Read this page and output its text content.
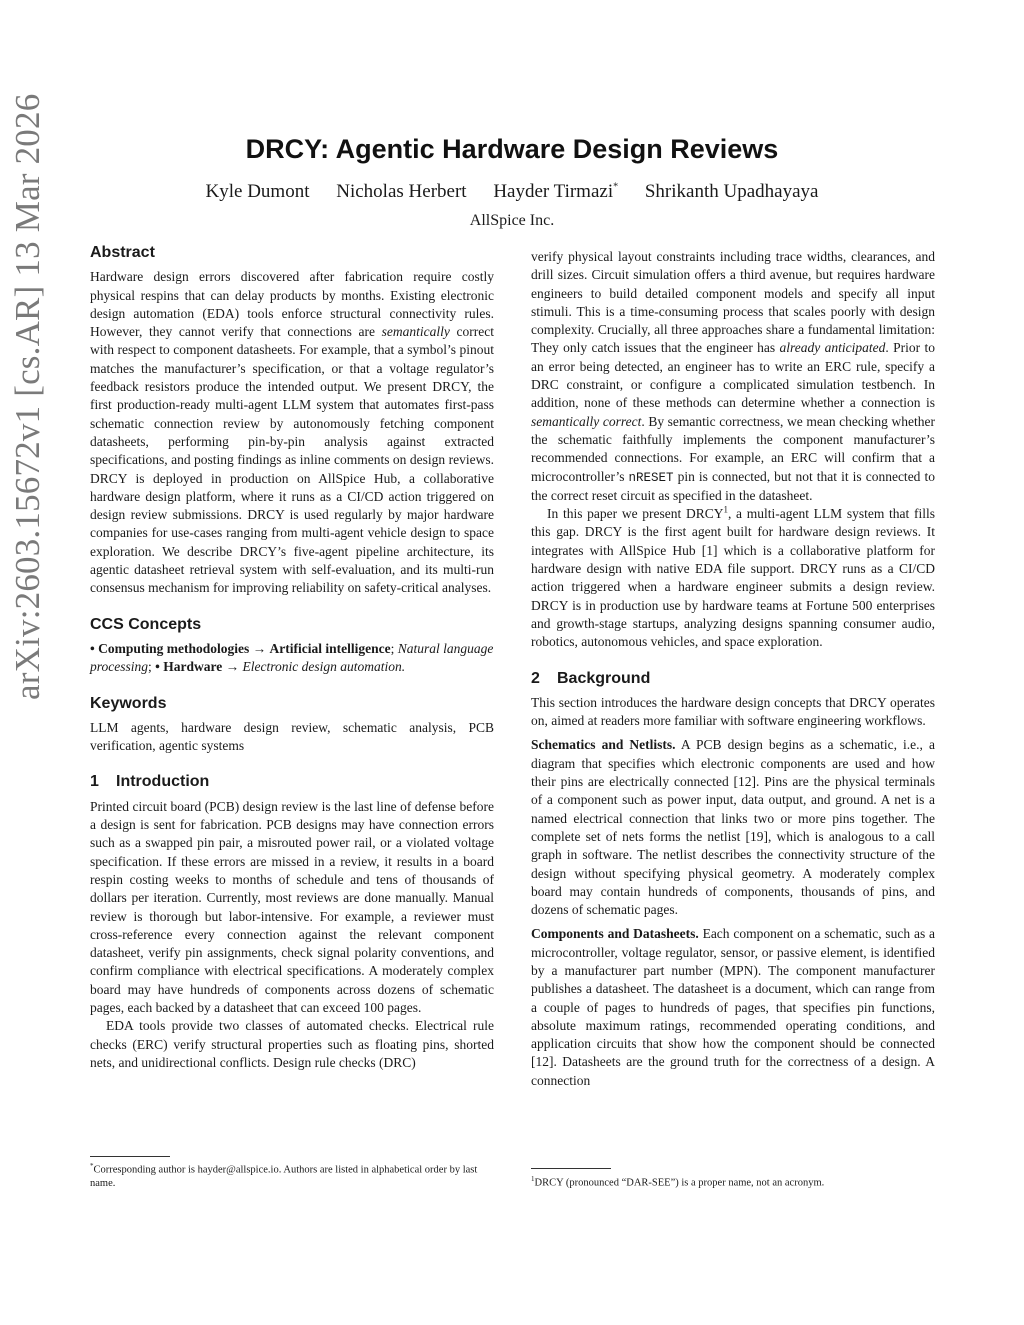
arXiv:2603.15672v1 [cs.AR] 13 Mar 2026	DRCY: Agentic Hardware Design Reviews
Kyle Dumont Nicholas Herbert Hayder Tirmazi* Shrikanth Upadhayaya
AllSpice Inc.
Abstract

Hardware design errors discovered after fabrication require costly physical respins that can delay products by months. Existing electronic design automation (EDA) tools enforce structural connectivity rules. However, they cannot verify that connections are semantically correct with respect to component datasheets. For example, that a symbol’s pinout matches the manufacturer’s specification, or that a voltage regulator’s feedback resistors produce the intended output. We present DRCY, the first production-ready multi-agent LLM system that automates first-pass schematic connection review by autonomously fetching component datasheets, performing pin-by-pin analysis against extracted specifications, and posting findings as inline comments on design reviews. DRCY is deployed in production on AllSpice Hub, a collaborative hardware design platform, where it runs as a CI/CD action triggered on design review submissions. DRCY is used regularly by major hardware companies for use-cases ranging from multi-agent vehicle design to space exploration. We describe DRCY’s five-agent pipeline architecture, its agentic datasheet retrieval system with self-evaluation, and its multi-run consensus mechanism for improving reliability on safety-critical analyses.

CCS Concepts

• Computing methodologies → Artificial intelligence; Natural language processing; • Hardware → Electronic design automation.

Keywords

LLM agents, hardware design review, schematic analysis, PCB verification, agentic systems

1 Introduction

Printed circuit board (PCB) design review is the last line of defense before a design is sent for fabrication. PCB designs may have connection errors such as a swapped pin pair, a misrouted power rail, or a violated voltage specification. If these errors are missed in a review, it results in a board respin costing weeks to months of schedule and tens of thousands of dollars per iteration. Currently, most reviews are done manually. Manual review is thorough but labor-intensive. For example, a reviewer must cross-reference every connection against the relevant component datasheet, verify pin assignments, check signal polarity conventions, and confirm compliance with electrical specifications. A moderately complex board may have hundreds of components across dozens of schematic pages, each backed by a datasheet that can exceed 100 pages.

EDA tools provide two classes of automated checks. Electrical rule checks (ERC) verify structural properties such as floating pins, shorted nets, and unidirectional conflicts. Design rule checks (DRC)

verify physical layout constraints including trace widths, clearances, and drill sizes. Circuit simulation offers a third avenue, but requires hardware engineers to build detailed component models and specify all input stimuli. This is a time-consuming process that scales poorly with design complexity. Crucially, all three approaches share a fundamental limitation: They only catch issues that the engineer has already anticipated. Prior to an error being detected, an engineer has to write an ERC rule, specify a DRC constraint, or configure a complicated simulation testbench. In addition, none of these methods can determine whether a connection is semantically correct. By semantic correctness, we mean checking whether the schematic faithfully implements the component manufacturer’s recommended connections. For example, an ERC will confirm that a microcontroller’s nRESET pin is connected, but not that it is connected to the correct reset circuit as specified in the datasheet.

In this paper we present DRCY$^1$, a multi-agent LLM system that fills this gap. DRCY is the first agent built for hardware design reviews. It integrates with AllSpice Hub [1] which is a collaborative platform for hardware design with native EDA file support. DRCY runs as a CI/CD action triggered when a hardware engineer submits a design review. DRCY is in production use by hardware teams at Fortune 500 enterprises and growth-stage startups, analyzing designs spanning consumer audio, robotics, autonomous vehicles, and space exploration.

2 Background

This section introduces the hardware design concepts that DRCY operates on, aimed at readers more familiar with software engineering workflows.

Schematics and Netlists. A PCB design begins as a schematic, i.e., a diagram that specifies which electronic components are used and how their pins are electrically connected [12]. Pins are the physical terminals of a component such as power input, data output, and ground. A net is a named electrical connection that links two or more pins together. The complete set of nets forms the netlist [19], which is analogous to a call graph in software. The netlist describes the connectivity structure of the design without specifying physical geometry. A moderately complex board may contain hundreds of components, thousands of pins, and dozens of schematic pages.

Components and Datasheets. Each component on a schematic, such as a microcontroller, voltage regulator, sensor, or passive element, is identified by a manufacturer part number (MPN). The component manufacturer publishes a datasheet. The datasheet is a document, which can range from a couple of pages to hundreds of pages, that specifies pin functions, absolute maximum ratings, recommended operating conditions, and application circuits that show how the component should be connected [12]. Datasheets are the ground truth for the correctness of a design. A connection

*Corresponding author is hayder@allspice.io. Authors are listed in alphabetical order by last name.	$^1$DRCY (pronounced “DAR-SEE”) is a proper name, not an acronym.
